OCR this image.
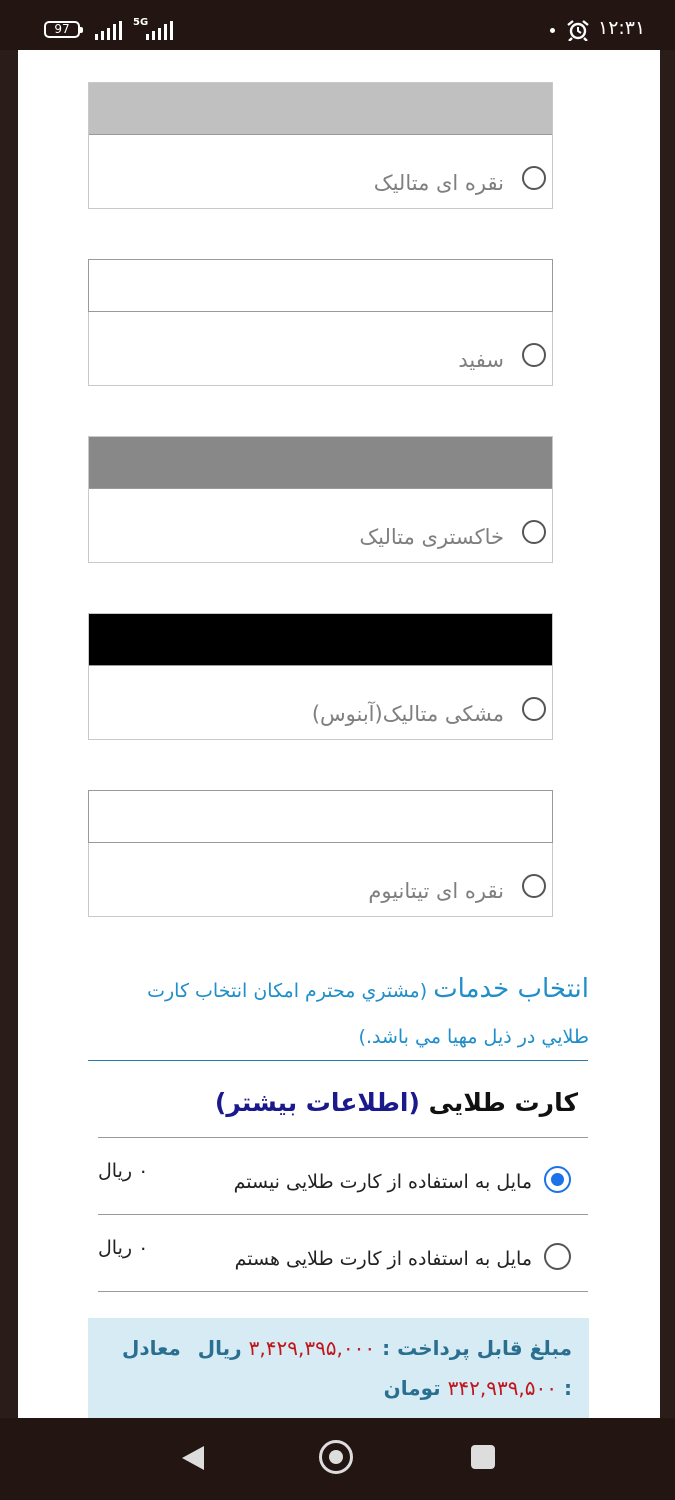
97	5G	۱۲:۳۱
نقره ای متالیک
سفید
خاکستری متالیک
مشکی متالیک(آبنوس)
نقره ای تیتانیوم
انتخاب خدمات (مشتري محترم امکان انتخاب کارت طلايي در ذيل مهيا مي باشد.)
کارت طلایی (اطلاعات بیشتر)
مایل به استفاده از کارت طلایی نیستم
۰ ریال
مایل به استفاده از کارت طلایی هستم
۰ ریال
مبلغ قابل پرداخت : ۳,۴۲۹,۳۹۵,۰۰۰ ریال
معادل
: ۳۴۲,۹۳۹,۵۰۰ تومان
